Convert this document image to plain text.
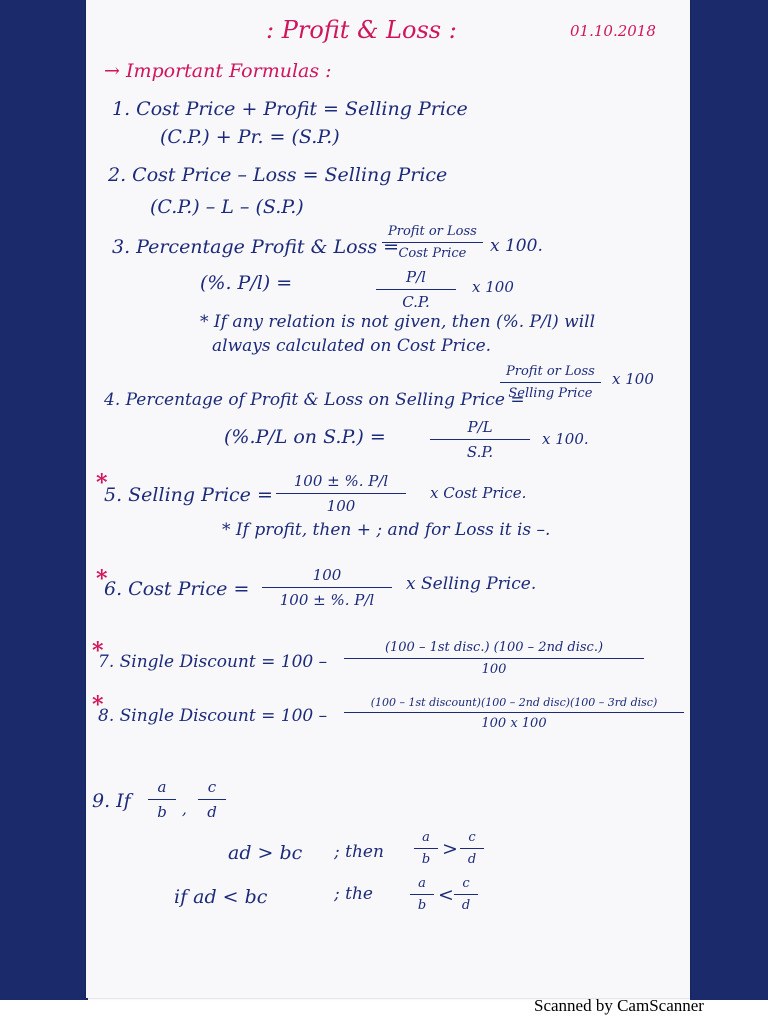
: Profit & Loss :	01.10.2018
→ Important Formulas :
1. Cost Price + Profit = Selling Price
(C.P.) + Pr. = (S.P.)
2. Cost Price – Loss = Selling Price
(C.P.) – L – (S.P.)
3. Percentage Profit & Loss =
Profit or Loss
Cost Price	x 100.
(%. P/l) =	$\frac{P/l}{C.P.}$ x 100
* If any relation is not given, then (%. P/l) will
always calculated on Cost Price.
4. Percentage of Profit & Loss on Selling Price =
Profit or Loss
Selling Price
x 100
(%.P/L on S.P.) =	$\frac{P/L}{S.P.}$ x 100.
*
5. Selling Price = $\frac{100 \pm \%. P/l}{100}$ x Cost Price.
* If profit, then + ; and for Loss it is –.
*
6. Cost Price = $\frac{100}{100 \pm \%. P/l}$ x Selling Price.
*
7. Single Discount = 100 –
(100 – 1st disc.) (100 – 2nd disc.)
100
*
8. Single Discount = 100 –
(100 – 1st discount)(100 – 2nd disc)(100 – 3rd disc)
100 x 100
9. If $\frac{a}{b}$ , $\frac{c}{d}$
ad > bc ; then $\frac{a}{b} > \frac{c}{d}$
if ad < bc	; the	$\frac{a}{b} < \frac{c}{d}$
Scanned by CamScanner
